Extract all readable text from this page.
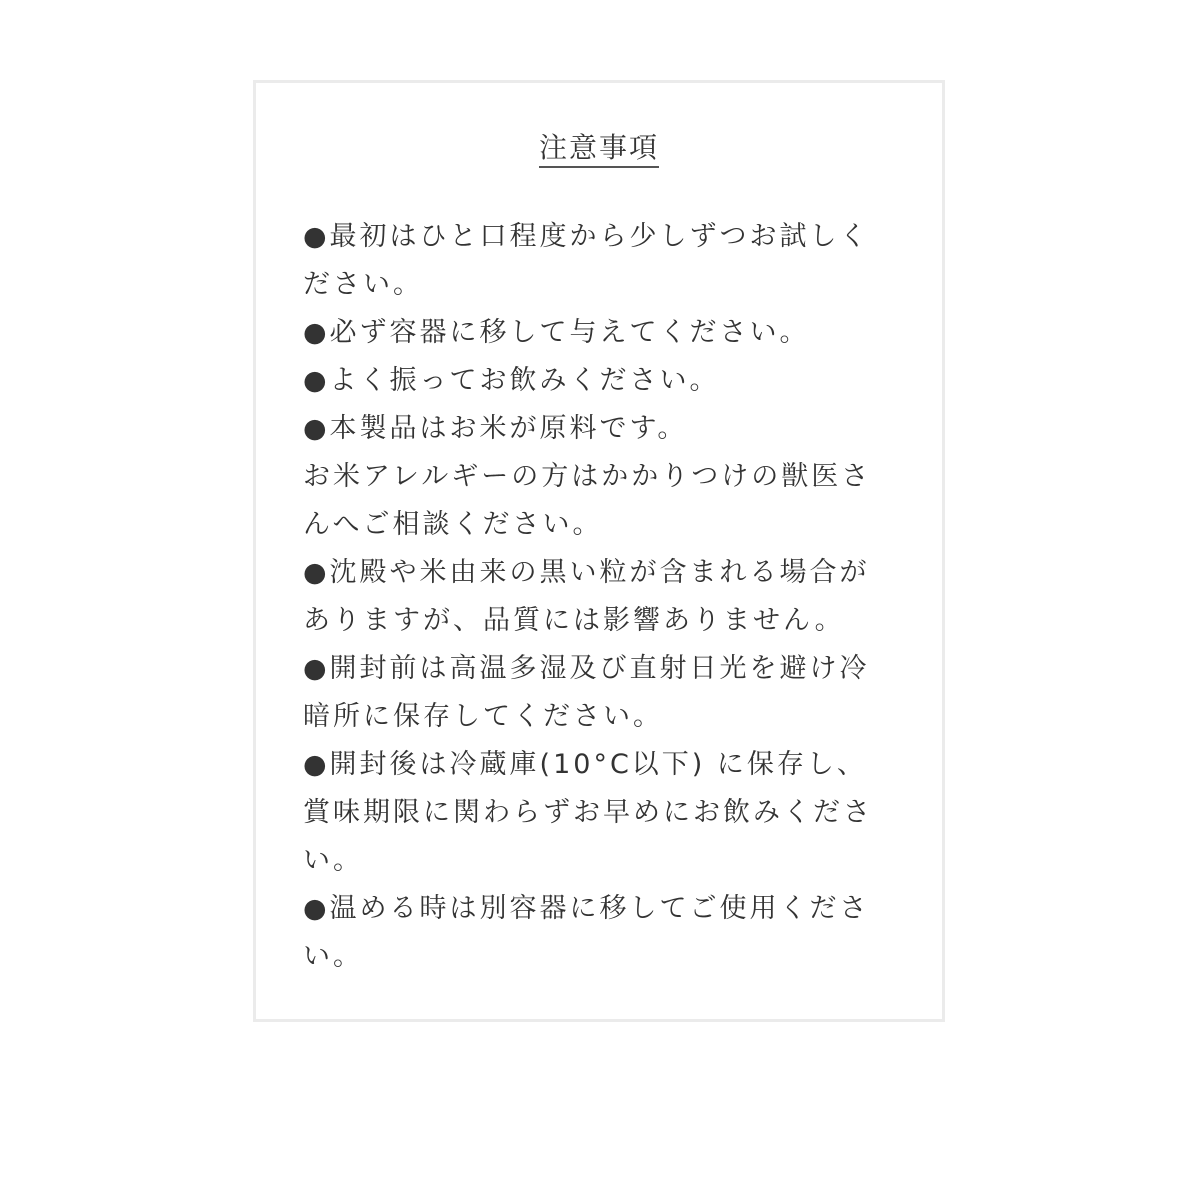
注意事項

●最初はひと口程度から少しずつお試しく

ださい。

●必ず容器に移して与えてください。

●よく振ってお飲みください。

●本製品はお米が原料です。

お米アレルギーの方はかかりつけの獣医さ

んへご相談ください。

●沈殿や米由来の黒い粒が含まれる場合が

ありますが、品質には影響ありません。

●開封前は高温多湿及び直射日光を避け冷

暗所に保存してください。

●開封後は冷蔵庫(10°C以下) に保存し、

賞味期限に関わらずお早めにお飲みくださ

い。

●温める時は別容器に移してご使用くださ

い。
